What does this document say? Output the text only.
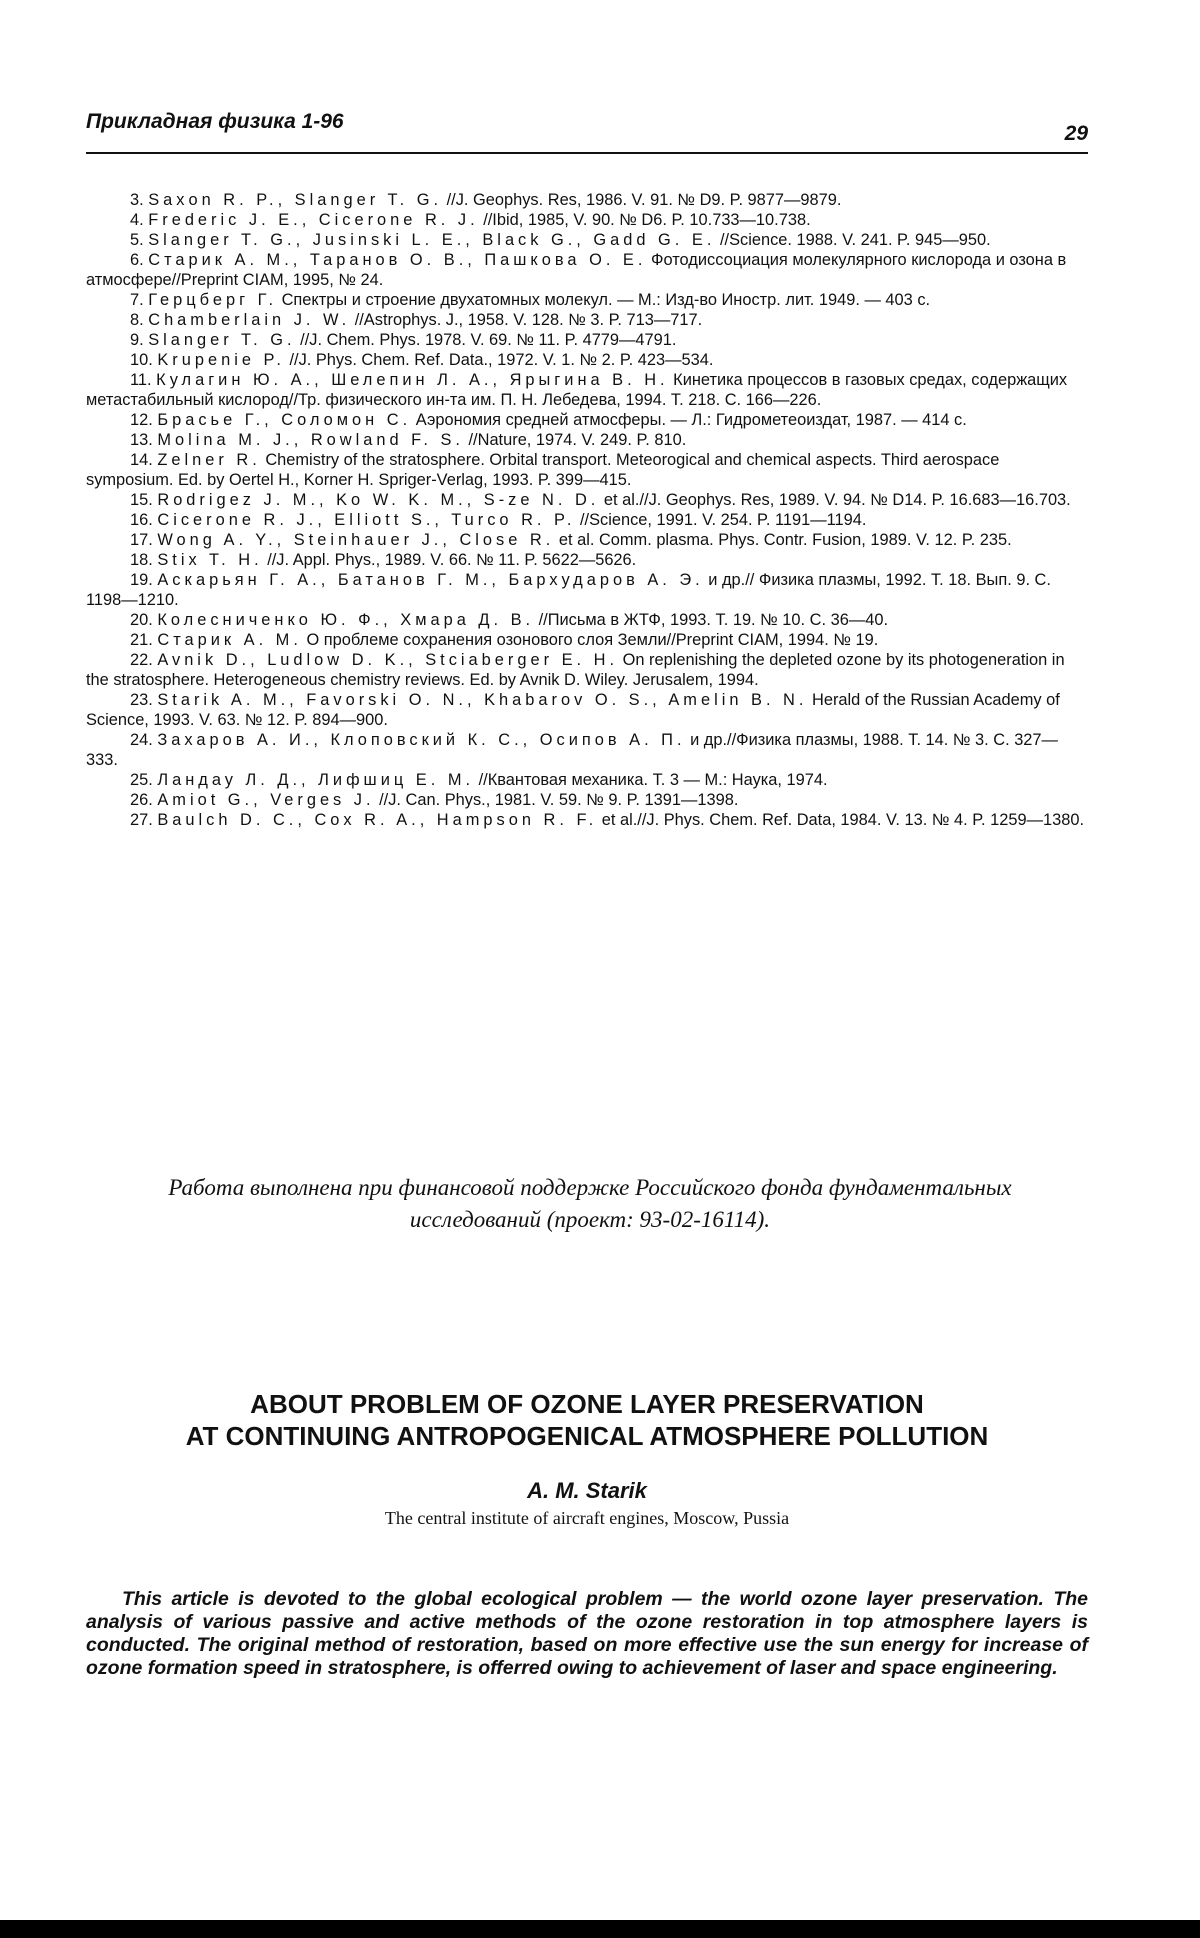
Прикладная физика 1-96
29

3. Saxon R. P., Slanger T. G. //J. Geophys. Res, 1986. V. 91. № D9. P. 9877—9879.

4. Frederic J. E., Cicerone R. J. //Ibid, 1985, V. 90. № D6. P. 10.733—10.738.

5. Slanger T. G., Jusinski L. E., Black G., Gadd G. E. //Science. 1988. V. 241. P. 945—950.

6. Старик А. М., Таранов О. В., Пашкова О. Е. Фотодиссоциация молекулярного кислорода и озона в атмосфере//Preprint CIAM, 1995, № 24.

7. Герцберг Г. Спектры и строение двухатомных молекул. — М.: Изд-во Иностр. лит. 1949. — 403 с.

8. Chamberlain J. W. //Astrophys. J., 1958. V. 128. № 3. P. 713—717.

9. Slanger T. G. //J. Chem. Phys. 1978. V. 69. № 11. P. 4779—4791.

10. Krupenie P. //J. Phys. Chem. Ref. Data., 1972. V. 1. № 2. P. 423—534.

11. Кулагин Ю. А., Шелепин Л. А., Ярыгина В. Н. Кинетика процессов в газовых средах, содержащих метастабильный кислород//Тр. физического ин-та им. П. Н. Лебедева, 1994. Т. 218. С. 166—226.

12. Брасье Г., Соломон С. Аэрономия средней атмосферы. — Л.: Гидрометеоиздат, 1987. — 414 с.

13. Molina M. J., Rowland F. S. //Nature, 1974. V. 249. P. 810.

14. Zelner R. Chemistry of the stratosphere. Orbital transport. Meteorogical and chemical aspects. Third aerospace symposium. Ed. by Oertel H., Korner H. Spriger-Verlag, 1993. P. 399—415.

15. Rodrigez J. M., Ko W. K. M., S-ze N. D. et al.//J. Geophys. Res, 1989. V. 94. № D14. P. 16.683—16.703.

16. Cicerone R. J., Elliott S., Turco R. P. //Science, 1991. V. 254. P. 1191—1194.

17. Wong A. Y., Steinhauer J., Close R. et al. Comm. plasma. Phys. Contr. Fusion, 1989. V. 12. P. 235.

18. Stix T. H. //J. Appl. Phys., 1989. V. 66. № 11. P. 5622—5626.

19. Аскарьян Г. А., Батанов Г. М., Бархударов А. Э. и др.// Физика плазмы, 1992. Т. 18. Вып. 9. С. 1198—1210.

20. Колесниченко Ю. Ф., Хмара Д. В. //Письма в ЖТФ, 1993. Т. 19. № 10. С. 36—40.

21. Старик А. М. О проблеме сохранения озонового слоя Земли//Preprint CIAM, 1994. № 19.

22. Avnik D., Ludlow D. K., Stciaberger E. H. On replenishing the depleted ozone by its photogeneration in the stratosphere. Heterogeneous chemistry reviews. Ed. by Avnik D. Wiley. Jerusalem, 1994.

23. Starik A. M., Favorski O. N., Khabarov O. S., Amelin B. N. Herald of the Russian Academy of Science, 1993. V. 63. № 12. P. 894—900.

24. Захаров А. И., Клоповский К. С., Осипов А. П. и др.//Физика плазмы, 1988. Т. 14. № 3. С. 327—333.

25. Ландау Л. Д., Лифшиц Е. М. //Квантовая механика. Т. 3 — М.: Наука, 1974.

26. Amiot G., Verges J. //J. Can. Phys., 1981. V. 59. № 9. P. 1391—1398.

27. Baulch D. C., Cox R. A., Hampson R. F. et al.//J. Phys. Chem. Ref. Data, 1984. V. 13. № 4. P. 1259—1380.

Работа выполнена при финансовой поддержке Российского фонда фундаментальных исследований (проект: 93-02-16114).
ABOUT PROBLEM OF OZONE LAYER PRESERVATION
AT CONTINUING ANTROPOGENICAL ATMOSPHERE POLLUTION
A. M. Starik
The central institute of aircraft engines, Moscow, Pussia
This article is devoted to the global ecological problem — the world ozone layer preservation. The analysis of various passive and active methods of the ozone restoration in top atmosphere layers is conducted. The original method of restoration, based on more effective use the sun energy for increase of ozone formation speed in stratosphere, is offerred owing to achievement of laser and space engineering.
